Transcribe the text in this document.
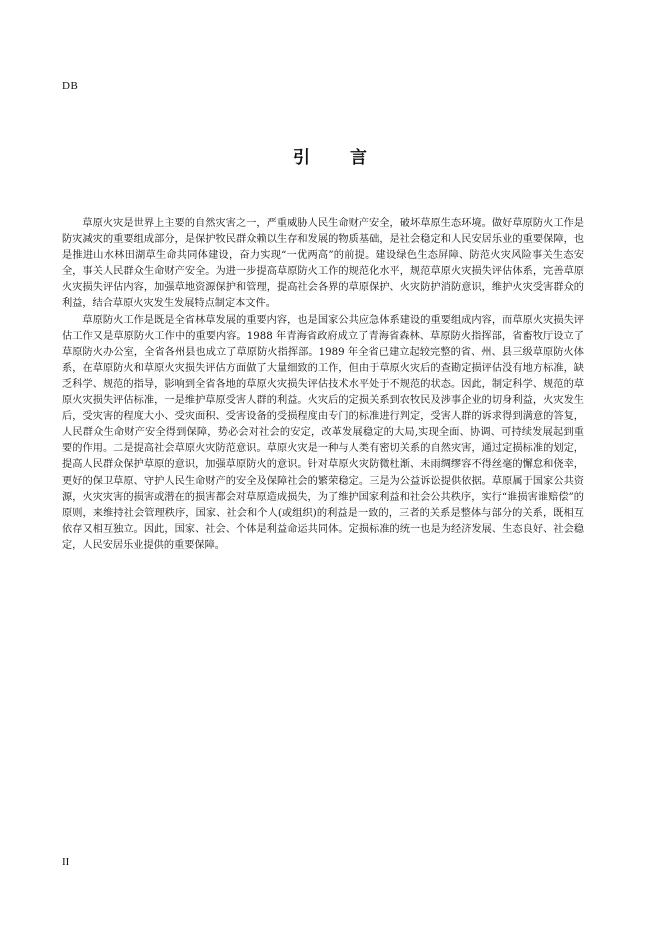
DB
引　　言

草原火灾是世界上主要的自然灾害之一，严重威胁人民生命财产安全，破坏草原生态环境。做好草原防火工作是防灾减灾的重要组成部分，是保护牧民群众赖以生存和发展的物质基础，是社会稳定和人民安居乐业的重要保障，也是推进山水林田湖草生命共同体建设，奋力实现“一优两高”的前提。建设绿色生态屏障、防范火灾风险事关生态安全，事关人民群众生命财产安全。为进一步提高草原防火工作的规范化水平，规范草原火灾损失评估体系，完善草原火灾损失评估内容，加强草地资源保护和管理，提高社会各界的草原保护、火灾防护消防意识，维护火灾受害群众的利益，结合草原火灾发生发展特点制定本文件。

草原防火工作是既是全省林草发展的重要内容，也是国家公共应急体系建设的重要组成内容，而草原火灾损失评估工作又是草原防火工作中的重要内容。1988 年青海省政府成立了青海省森林、草原防火指挥部，省畜牧厅设立了草原防火办公室，全省各州县也成立了草原防火指挥部。1989 年全省已建立起较完整的省、州、县三级草原防火体系，在草原防火和草原火灾损失评估方面做了大量细致的工作，但由于草原火灾后的查勘定损评估没有地方标准，缺乏科学、规范的指导，影响到全省各地的草原火灾损失评估技术水平处于不规范的状态。因此，制定科学、规范的草原火灾损失评估标准，一是维护草原受害人群的利益。火灾后的定损关系到农牧民及涉事企业的切身利益，火灾发生后，受灾害的程度大小、受灾面积、受害设备的受损程度由专门的标准进行判定，受害人群的诉求得到满意的答复，人民群众生命财产安全得到保障，势必会对社会的安定，改革发展稳定的大局,实现全面、协调、可持续发展起到重要的作用。二是提高社会草原火灾防范意识。草原火灾是一种与人类有密切关系的自然灾害，通过定损标准的划定，提高人民群众保护草原的意识，加强草原防火的意识。针对草原火灾防微杜渐、未雨绸缪容不得丝毫的懈怠和侥幸，更好的保卫草原、守护人民生命财产的安全及保障社会的繁荣稳定。三是为公益诉讼提供依据。草原属于国家公共资源，火灾灾害的损害或潜在的损害都会对草原造成损失，为了维护国家利益和社会公共秩序，实行“谁损害谁赔偿”的原则，来维持社会管理秩序，国家、社会和个人(或组织)的利益是一致的，三者的关系是整体与部分的关系，既相互依存又相互独立。因此，国家、社会、个体是利益命运共同体。定损标准的统一也是为经济发展、生态良好、社会稳定，人民安居乐业提供的重要保障。

II
